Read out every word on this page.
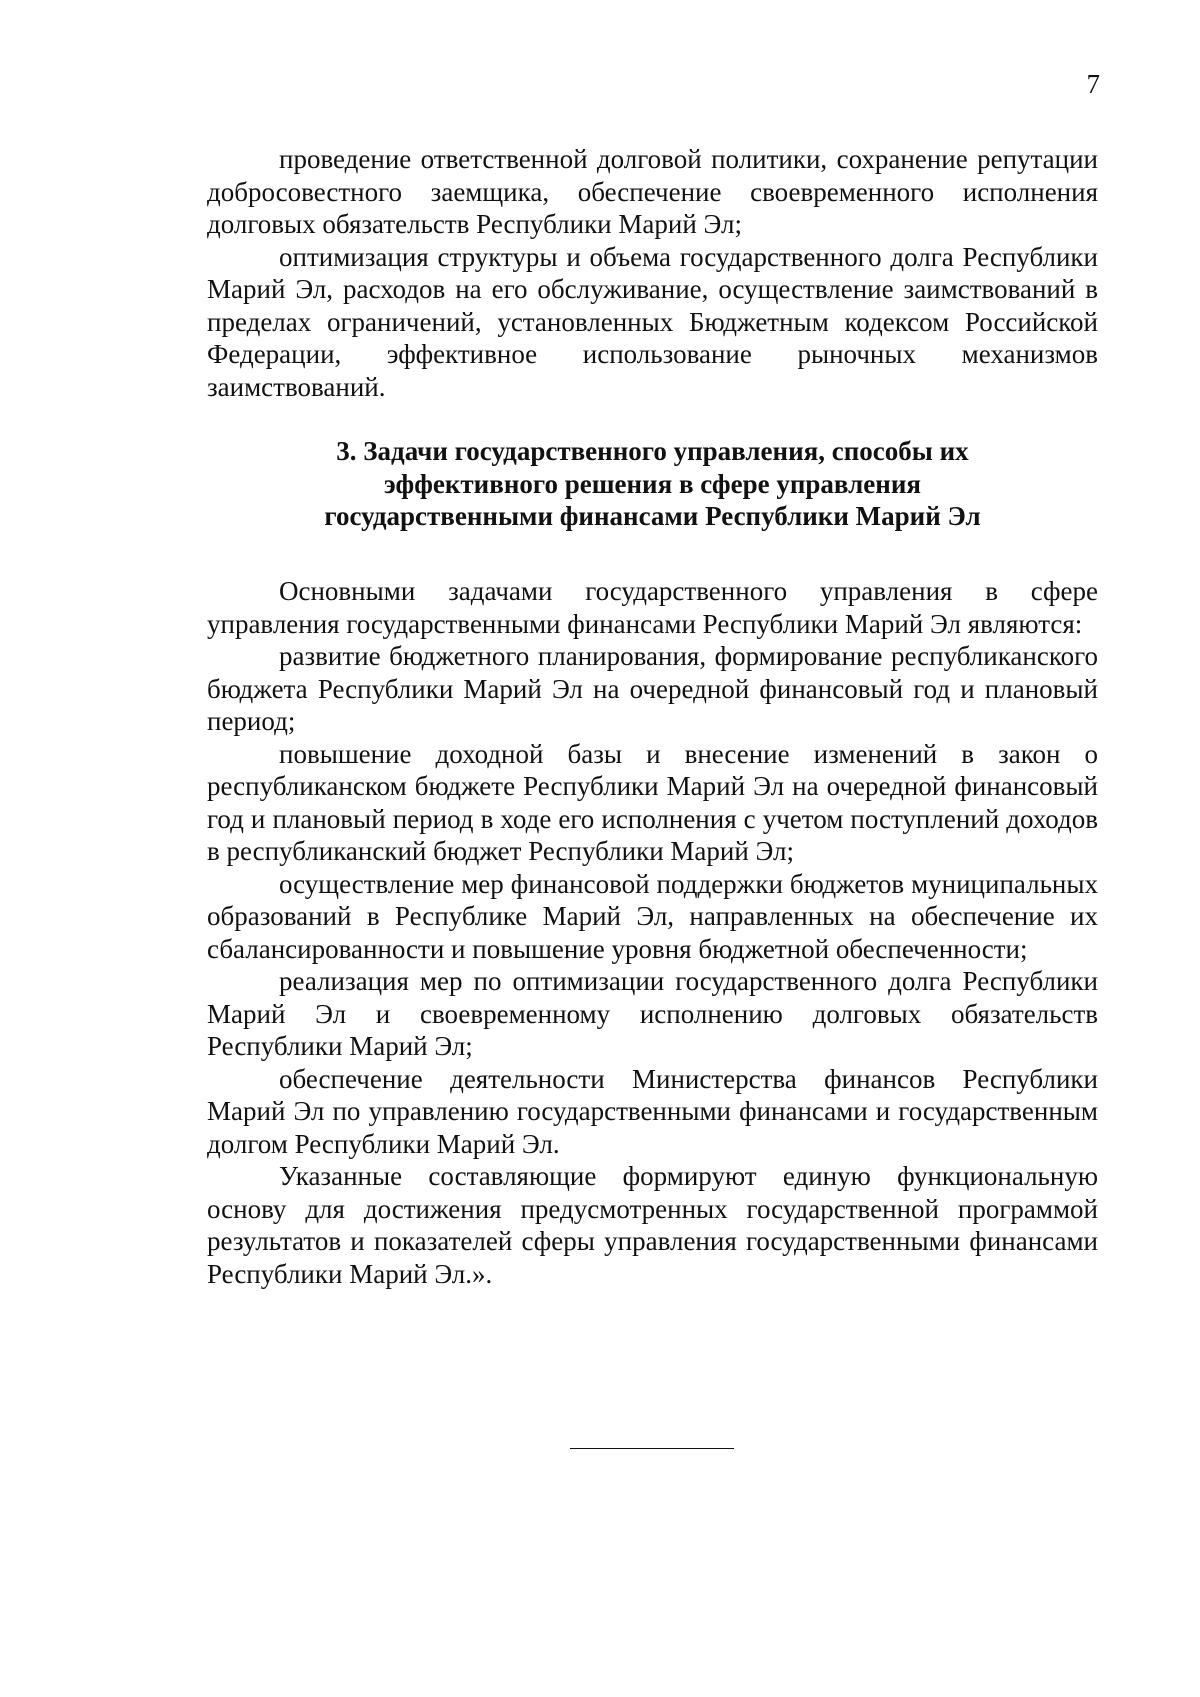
7

проведение ответственной долговой политики, сохранение репутации добросовестного заемщика, обеспечение своевременного исполнения долговых обязательств Республики Марий Эл;

оптимизация структуры и объема государственного долга Республики Марий Эл, расходов на его обслуживание, осуществление заимствований в пределах ограничений, установленных Бюджетным кодексом Российской Федерации, эффективное использование рыночных механизмов заимствований.

3. Задачи государственного управления, способы их
эффективного решения в сфере управления
государственными финансами Республики Марий Эл

Основными задачами государственного управления в сфере управления государственными финансами Республики Марий Эл являются:

развитие бюджетного планирования, формирование республиканского бюджета Республики Марий Эл на очередной финансовый год и плановый период;

повышение доходной базы и внесение изменений в закон о республиканском бюджете Республики Марий Эл на очередной финансовый год и плановый период в ходе его исполнения с учетом поступлений доходов в республиканский бюджет Республики Марий Эл;

осуществление мер финансовой поддержки бюджетов муниципальных образований в Республике Марий Эл, направленных на обеспечение их сбалансированности и повышение уровня бюджетной обеспеченности;

реализация мер по оптимизации государственного долга Республики Марий Эл и своевременному исполнению долговых обязательств Республики Марий Эл;

обеспечение деятельности Министерства финансов Республики Марий Эл по управлению государственными финансами и государственным долгом Республики Марий Эл.

Указанные составляющие формируют единую функциональную основу для достижения предусмотренных государственной программой результатов и показателей сферы управления государственными финансами Республики Марий Эл.».
